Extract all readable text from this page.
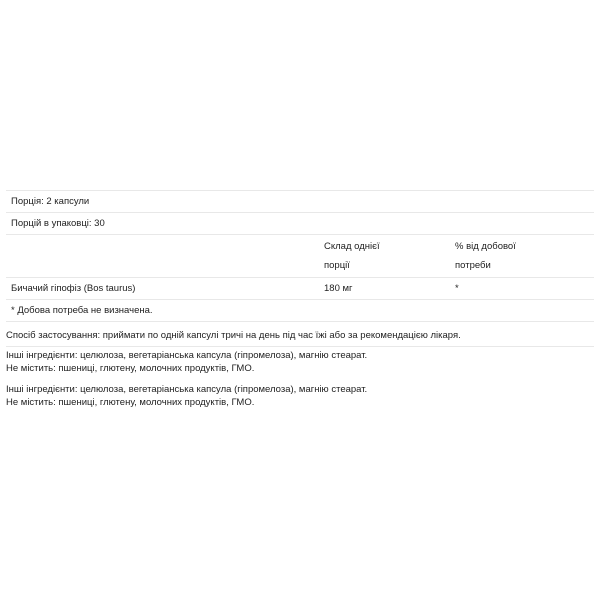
Порція: 2 капсули
Порцій в упаковці: 30
Склад однієї
порції
% від добової
потреби
Бичачий гіпофіз (Bos taurus)	180 мг	*
* Добова потреба не визначена.
Спосіб застосування: приймати по одній капсулі тричі на день під час їжі або за рекомендацією лікаря.
Інші інгредієнти: целюлоза, вегетаріанська капсула (гіпромелоза), магнію стеарат.
Не містить: пшениці, глютену, молочних продуктів, ГМО.
Інші інгредієнти: целюлоза, вегетаріанська капсула (гіпромелоза), магнію стеарат.
Не містить: пшениці, глютену, молочних продуктів, ГМО.
